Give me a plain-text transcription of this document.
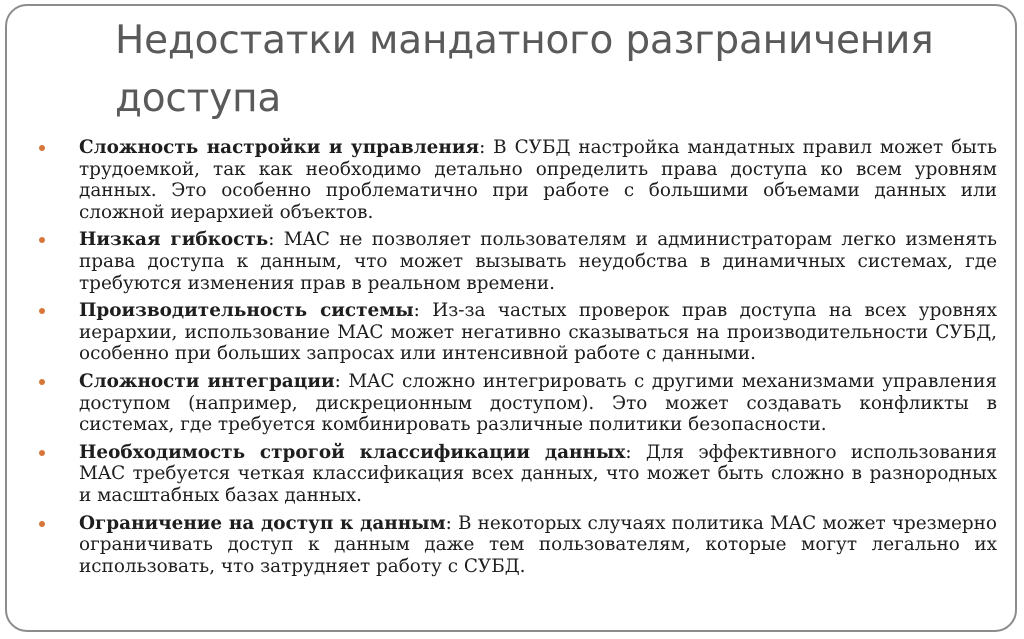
Недостатки мандатного разграничения доступа
Сложность настройки и управления: В СУБД настройка мандатных правил может быть трудоемкой, так как необходимо детально определить права доступа ко всем уровням данных. Это особенно проблематично при работе с большими объемами данных или сложной иерархией объектов.
Низкая гибкость: MAC не позволяет пользователям и администраторам легко изменять права доступа к данным, что может вызывать неудобства в динамичных системах, где требуются изменения прав в реальном времени.
Производительность системы: Из-за частых проверок прав доступа на всех уровнях иерархии, использование MAC может негативно сказываться на производительности СУБД, особенно при больших запросах или интенсивной работе с данными.
Сложности интеграции: MAC сложно интегрировать с другими механизмами управления доступом (например, дискреционным доступом). Это может создавать конфликты в системах, где требуется комбинировать различные политики безопасности.
Необходимость строгой классификации данных: Для эффективного использования MAC требуется четкая классификация всех данных, что может быть сложно в разнородных и масштабных базах данных.
Ограничение на доступ к данным: В некоторых случаях политика MAC может чрезмерно ограничивать доступ к данным даже тем пользователям, которые могут легально их использовать, что затрудняет работу с СУБД.
